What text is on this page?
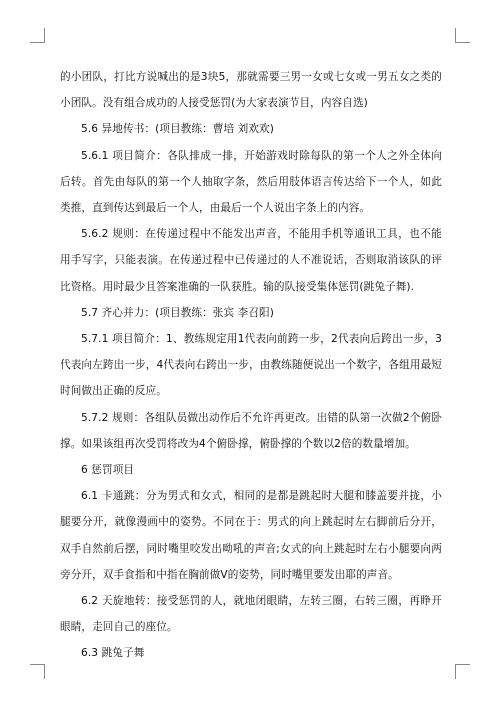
的小团队，打比方说喊出的是3块5，那就需要三男一女或七女或一男五女之类的小团队。没有组合成功的人接受惩罚(为大家表演节目，内容自选)

5.6 异地传书：(项目教练：曹培 刘欢欢)

5.6.1 项目简介：各队排成一排，开始游戏时除每队的第一个人之外全体向后转。首先由每队的第一个人抽取字条，然后用肢体语言传达给下一个人，如此类推，直到传达到最后一个人，由最后一个人说出字条上的内容。

5.6.2 规则：在传递过程中不能发出声音，不能用手机等通讯工具，也不能用手写字，只能表演。在传递过程中已传递过的人不准说话，否则取消该队的评比资格。用时最少且答案准确的一队获胜。输的队接受集体惩罚(跳兔子舞).

5.7 齐心并力：(项目教练：张宾 李召阳)

5.7.1 项目简介：1、教练规定用1代表向前跨一步，2代表向后跨出一步，3代表向左跨出一步，4代表向右跨出一步，由教练随便说出一个数字，各组用最短时间做出正确的反应。

5.7.2 规则：各组队员做出动作后不允许再更改。出错的队第一次做2个俯卧撑。如果该组再次受罚将改为4个俯卧撑，俯卧撑的个数以2倍的数量增加。

6 惩罚项目

6.1 卡通跳：分为男式和女式，相同的是都是跳起时大腿和膝盖要并拢，小腿要分开，就像漫画中的姿势。不同在于：男式的向上跳起时左右脚前后分开，双手自然前后摆，同时嘴里咬发出呦吼的声音;女式的向上跳起时左右小腿要向两旁分开，双手食指和中指在胸前做V的姿势，同时嘴里要发出耶的声音。

6.2 天旋地转：接受惩罚的人，就地闭眼睛，左转三圈，右转三圈，再睁开眼睛，走回自己的座位。

6.3 跳兔子舞
